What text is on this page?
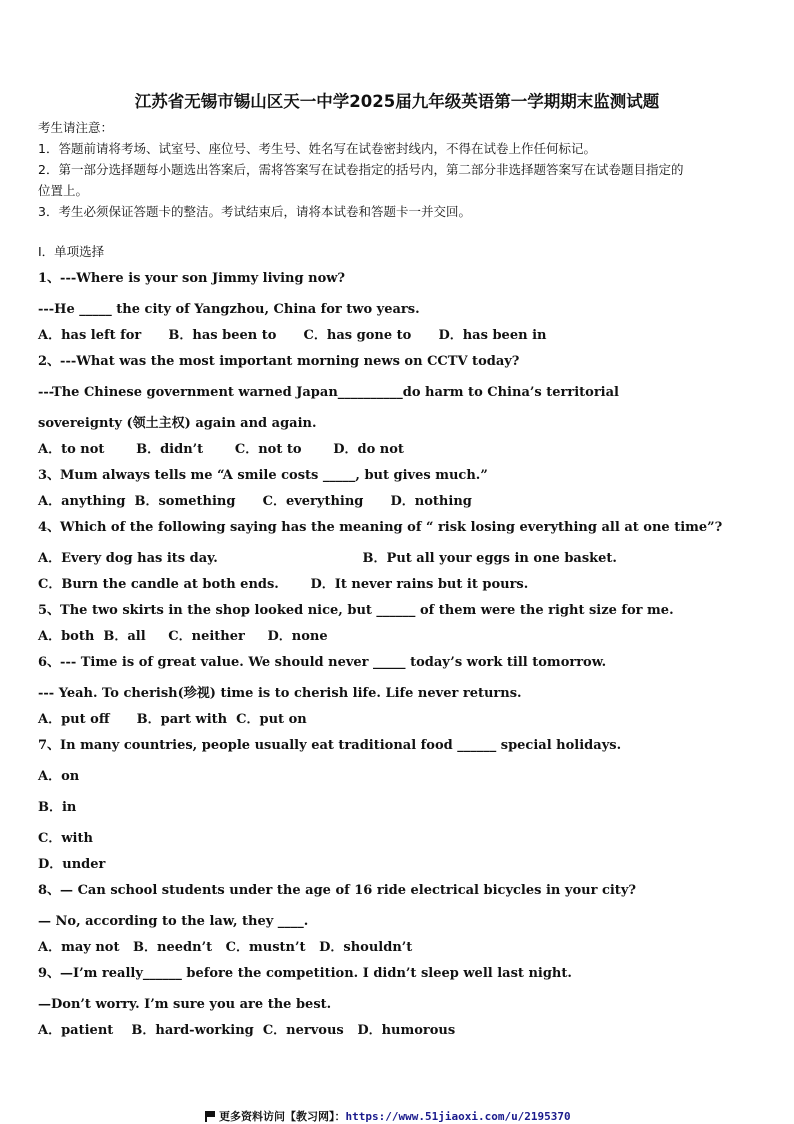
江苏省无锡市锡山区天一中学2025届九年级英语第一学期期末监测试题
考生请注意：
1．答题前请将考场、试室号、座位号、考生号、姓名写在试卷密封线内，不得在试卷上作任何标记。
2．第一部分选择题每小题选出答案后，需将答案写在试卷指定的括号内，第二部分非选择题答案写在试卷题目指定的
位置上。
3．考生必须保证答题卡的整洁。考试结束后，请将本试卷和答题卡一并交回。
Ⅰ．单项选择
1、---Where is your son Jimmy living now?
---He _____ the city of Yangzhou, China for two years.
A．has left for      B．has been to      C．has gone to      D．has been in
2、---What was the most important morning news on CCTV today?
---The Chinese government warned Japan__________do harm to China’s territorial
sovereignty (领土主权) again and again.
A．to not       B．didn’t       C．not to       D．do not
3、Mum always tells me “A smile costs _____, but gives much.”
A．anything  B．something      C．everything      D．nothing
4、Which of the following saying has the meaning of “ risk losing everything all at one time”?
A．Every dog has its day.                                B．Put all your eggs in one basket.
C．Burn the candle at both ends.       D．It never rains but it pours.
5、The two skirts in the shop looked nice, but ______ of them were the right size for me.
A．both  B．all     C．neither     D．none
6、--- Time is of great value. We should never _____ today’s work till tomorrow.
--- Yeah. To cherish(珍视) time is to cherish life. Life never returns.
A．put off      B．part with  C．put on
7、In many countries, people usually eat traditional food ______ special holidays.
A．on
B．in
C．with
D．under
8、— Can school students under the age of 16 ride electrical bicycles in your city?
— No, according to the law, they ____.
A．may not   B．needn’t   C．mustn’t   D．shouldn’t
9、—I’m really______ before the competition. I didn’t sleep well last night.
—Don’t worry. I’m sure you are the best.
A．patient    B．hard-working  C．nervous   D．humorous
更多资料访问【教习网】： https://www.51jiaoxi.com/u/2195370
